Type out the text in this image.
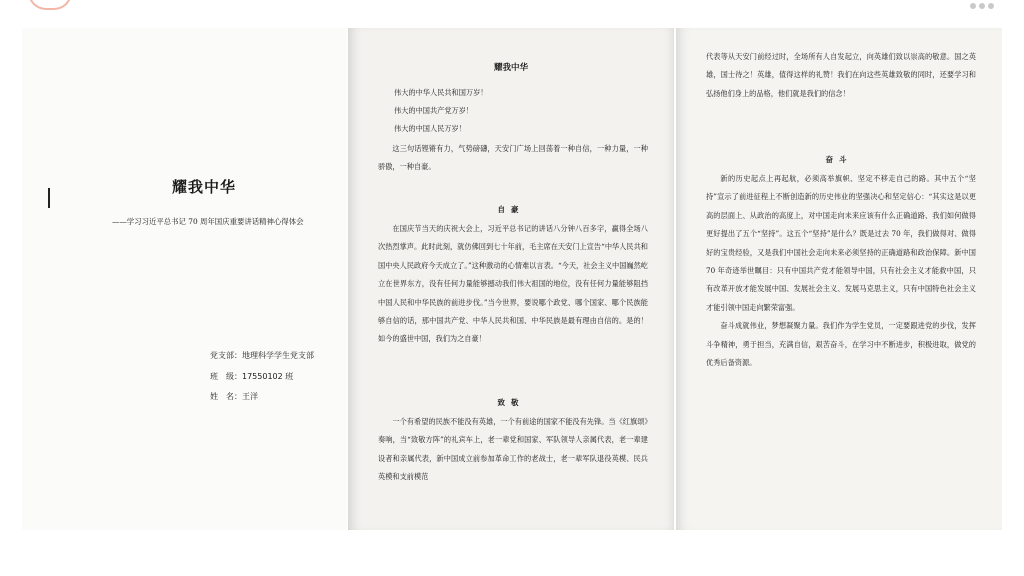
耀我中华
——学习习近平总书记 70 周年国庆重要讲话精神心得体会
党支部：地理科学学生党支部
班　级：17550102 班
姓　名：王洋
耀我中华
伟大的中华人民共和国万岁！
伟大的中国共产党万岁！
伟大的中国人民万岁！

这三句话铿锵有力，气势磅礴，天安门广场上回荡着一种自信，一种力量，一种骄傲，一种自豪。

自豪

在国庆节当天的庆祝大会上，习近平总书记的讲话八分钟八百多字，赢得全场八次热烈掌声。此时此刻，就仿佛回到七十年前，毛主席在天安门上宣告“中华人民共和国中央人民政府今天成立了。”这种激动的心情难以言表。“今天，社会主义中国巍然屹立在世界东方，没有任何力量能够撼动我们伟大祖国的地位，没有任何力量能够阻挡中国人民和中华民族的前进步伐。”当今世界，要说哪个政党、哪个国家、哪个民族能够自信的话，那中国共产党、中华人民共和国、中华民族是最有理由自信的。是的！如今的盛世中国，我们为之自豪！

致敬

一个有希望的民族不能没有英雄，一个有前途的国家不能没有先锋。当《红旗颂》奏响，当“致敬方阵”的礼宾车上，老一辈党和国家、军队领导人亲属代表，老一辈建设者和亲属代表，新中国成立前参加革命工作的老战士，老一辈军队退役英模、民兵英模和支前模范

代表等从天安门前经过时，全场所有人自发起立，向英雄们致以崇高的敬意。国之英雄，国士待之！英雄，值得这样的礼赞！我们在向这些英雄致敬的同时，还要学习和弘扬他们身上的品格，他们就是我们的信念！

奋斗

新的历史起点上再起航，必须高举旗帜、坚定不移走自己的路。其中五个“坚持”宣示了前进征程上不断创造新的历史伟业的坚强决心和坚定信心：“其实这是以更高的层面上、从政治的高度上，对中国走向未来应该有什么正确道路、我们如何做得更好提出了五个“坚持”。这五个“坚持”是什么？既是过去 70 年，我们做得对、做得好的宝贵经验，又是我们中国社会走向未来必须坚持的正确道路和政治保障。新中国 70 年奇迹举世瞩目：只有中国共产党才能领导中国，只有社会主义才能救中国，只有改革开放才能发展中国、发展社会主义、发展马克思主义，只有中国特色社会主义才能引领中国走向繁荣富强。

奋斗成就伟业，梦想凝聚力量。我们作为学生党员，一定要跟进党的步伐，发挥斗争精神，勇于担当，充满自信，艰苦奋斗，在学习中不断进步，积极进取，做党的优秀后备资源。
